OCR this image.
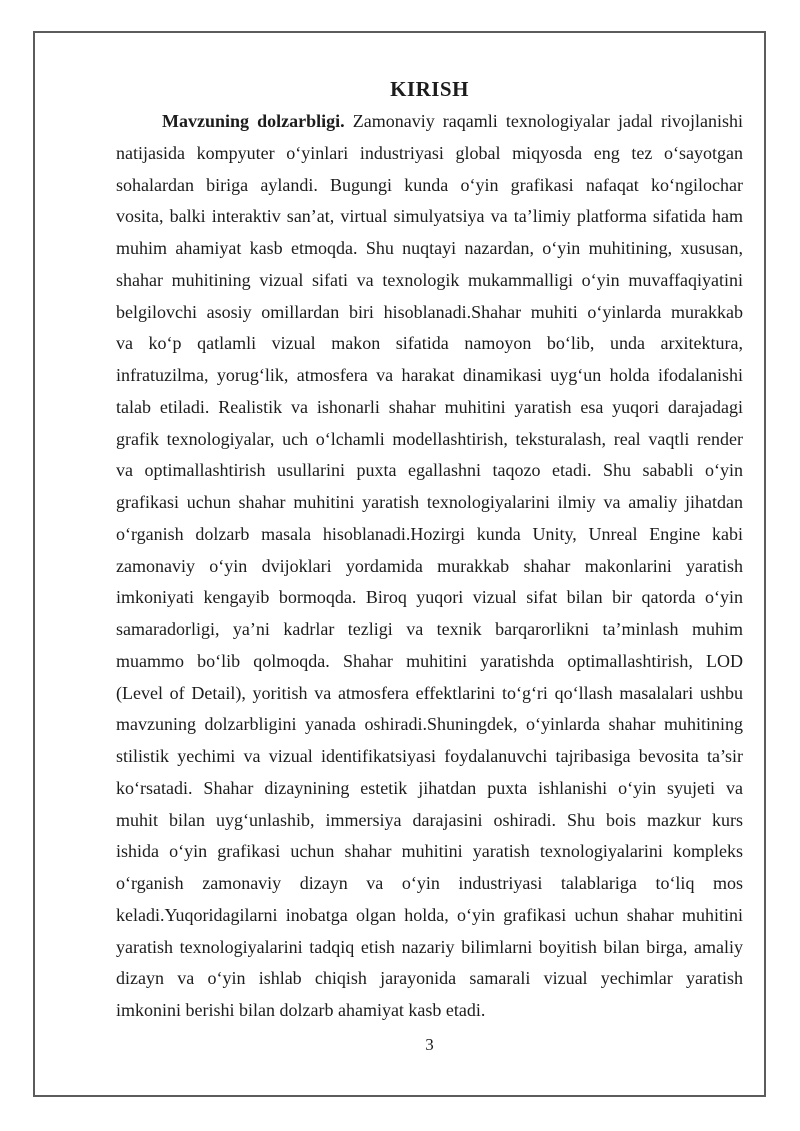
KIRISH
Mavzuning dolzarbligi. Zamonaviy raqamli texnologiyalar jadal rivojlanishi
natijasida kompyuter o‘yinlari industriyasi global miqyosda eng tez o‘sayotgan
sohalardan biriga aylandi. Bugungi kunda o‘yin grafikasi nafaqat ko‘ngilochar
vosita, balki interaktiv san’at, virtual simulyatsiya va ta’limiy platforma sifatida ham
muhim ahamiyat kasb etmoqda. Shu nuqtayi nazardan, o‘yin muhitining, xususan,
shahar muhitining vizual sifati va texnologik mukammalligi o‘yin muvaffaqiyatini
belgilovchi asosiy omillardan biri hisoblanadi.Shahar muhiti o‘yinlarda murakkab
va ko‘p qatlamli vizual makon sifatida namoyon bo‘lib, unda arxitektura,
infratuzilma, yorug‘lik, atmosfera va harakat dinamikasi uyg‘un holda ifodalanishi
talab etiladi. Realistik va ishonarli shahar muhitini yaratish esa yuqori darajadagi
grafik texnologiyalar, uch o‘lchamli modellashtirish, teksturalash, real vaqtli render
va optimallashtirish usullarini puxta egallashni taqozo etadi. Shu sababli o‘yin
grafikasi uchun shahar muhitini yaratish texnologiyalarini ilmiy va amaliy jihatdan
o‘rganish dolzarb masala hisoblanadi.Hozirgi kunda Unity, Unreal Engine kabi
zamonaviy o‘yin dvijoklari yordamida murakkab shahar makonlarini yaratish
imkoniyati kengayib bormoqda. Biroq yuqori vizual sifat bilan bir qatorda o‘yin
samaradorligi, ya’ni kadrlar tezligi va texnik barqarorlikni ta’minlash muhim
muammo bo‘lib qolmoqda. Shahar muhitini yaratishda optimallashtirish, LOD
(Level of Detail), yoritish va atmosfera effektlarini to‘g‘ri qo‘llash masalalari ushbu
mavzuning dolzarbligini yanada oshiradi.Shuningdek, o‘yinlarda shahar muhitining
stilistik yechimi va vizual identifikatsiyasi foydalanuvchi tajribasiga bevosita ta’sir
ko‘rsatadi. Shahar dizaynining estetik jihatdan puxta ishlanishi o‘yin syujeti va
muhit bilan uyg‘unlashib, immersiya darajasini oshiradi. Shu bois mazkur kurs
ishida o‘yin grafikasi uchun shahar muhitini yaratish texnologiyalarini kompleks
o‘rganish zamonaviy dizayn va o‘yin industriyasi talablariga to‘liq mos
keladi.Yuqoridagilarni inobatga olgan holda, o‘yin grafikasi uchun shahar muhitini
yaratish texnologiyalarini tadqiq etish nazariy bilimlarni boyitish bilan birga, amaliy
dizayn va o‘yin ishlab chiqish jarayonida samarali vizual yechimlar yaratish
imkonini berishi bilan dolzarb ahamiyat kasb etadi.
3
